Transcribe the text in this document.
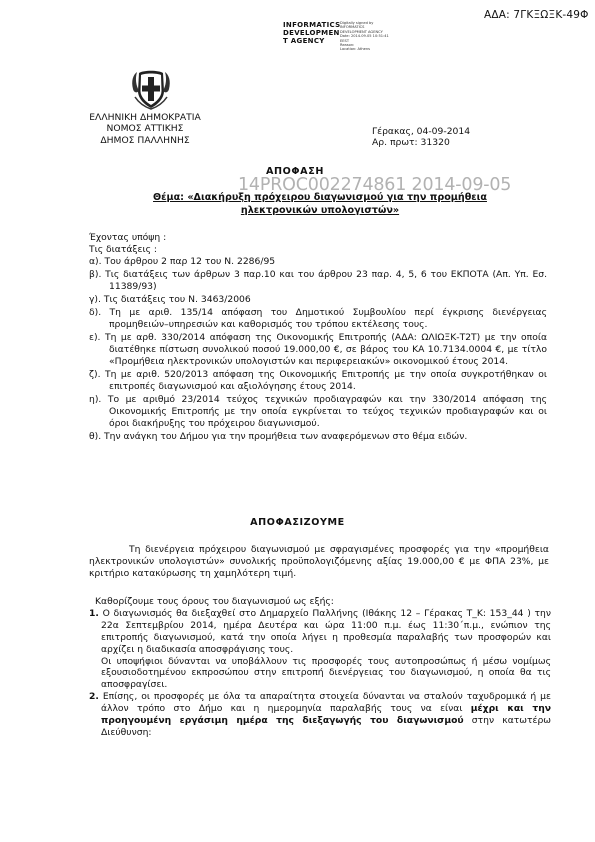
ΑΔΑ: 7ΓΚΞΩΞΚ-49Φ
INFORMATICS
DEVELOPMEN
T AGENCY
Digitally signed by
INFORMATICS
DEVELOPMENT AGENCY
Date: 2014.09.05 10:51:41
EEST
Reason:
Location: Athens
ΕΛΛΗΝΙΚΗ ΔΗΜΟΚΡΑΤΙΑ
ΝΟΜΟΣ ΑΤΤΙΚΗΣ
ΔΗΜΟΣ ΠΑΛΛΗΝΗΣ
Γέρακας, 04-09-2014
Αρ. πρωτ: 31320
ΑΠΟΦΑΣΗ
Θέμα: «Διακήρυξη πρόχειρου διαγωνισμού για την προμήθεια
ηλεκτρονικών υπολογιστών»
14PROC002274861 2014-09-05

Έχοντας υπόψη :

Τις διατάξεις :

α). Του άρθρου 2 παρ 12 του Ν. 2286/95

β). Τις διατάξεις των άρθρων 3 παρ.10 και του άρθρου 23 παρ. 4, 5, 6 του ΕΚΠΟΤΑ (Απ. Υπ. Εσ. 11389/93)

γ). Τις διατάξεις του Ν. 3463/2006

δ). Τη με αριθ. 135/14 απόφαση του Δημοτικού Συμβουλίου περί έγκρισης διενέργειας προμηθειών–υπηρεσιών και καθορισμός του τρόπου εκτέλεσης τους.

ε). Τη με αρθ. 330/2014 απόφαση της Οικονομικής Επιτροπής (ΑΔΑ: ΩΛΙΩΞΚ-Τ2Τ) με την οποία διατέθηκε πίστωση συνολικού ποσού 19.000,00 €, σε βάρος του ΚΑ 10.7134.0004 €, με τίτλο «Προμήθεια ηλεκτρονικών υπολογιστών και περιφερειακών» οικονομικού έτους 2014.

ζ). Τη με αριθ. 520/2013 απόφαση της Οικονομικής Επιτροπής με την οποία συγκροτήθηκαν οι επιτροπές διαγωνισμού και αξιολόγησης έτους 2014.

η). Το με αριθμό 23/2014 τεύχος τεχνικών προδιαγραφών και την 330/2014 απόφαση της Οικονομικής Επιτροπής με την οποία εγκρίνεται το τεύχος τεχνικών προδιαγραφών και οι όροι διακήρυξης του πρόχειρου διαγωνισμού.

θ). Την ανάγκη του Δήμου για την προμήθεια των αναφερόμενων στο θέμα ειδών.

ΑΠΟΦΑΣΙΖΟΥΜΕ

Τη διενέργεια πρόχειρου διαγωνισμού με σφραγισμένες προσφορές για την «προμήθεια ηλεκτρονικών υπολογιστών» συνολικής προϋπολογιζόμενης αξίας 19.000,00 € με ΦΠΑ 23%, με κριτήριο κατακύρωσης τη χαμηλότερη τιμή.

Καθορίζουμε τους όρους του διαγωνισμού ως εξής:

1. Ο διαγωνισμός θα διεξαχθεί στο Δημαρχείο Παλλήνης (Ιθάκης 12 – Γέρακας Τ_Κ: 153_44 ) την 22α Σεπτεμβρίου 2014, ημέρα Δευτέρα και ώρα 11:00 π.μ. έως 11:30΄π.μ., ενώπιον της επιτροπής διαγωνισμού, κατά την οποία λήγει η προθεσμία παραλαβής των προσφορών και αρχίζει η διαδικασία αποσφράγισης τους.

Οι υποψήφιοι δύνανται να υποβάλλουν τις προσφορές τους αυτοπροσώπως ή μέσω νομίμως εξουσιοδοτημένου εκπροσώπου στην επιτροπή διενέργειας του διαγωνισμού, η οποία θα τις αποσφραγίσει.

2. Επίσης, οι προσφορές με όλα τα απαραίτητα στοιχεία δύνανται να σταλούν ταχυδρομικά ή με άλλον τρόπο στο Δήμο και η ημερομηνία παραλαβής τους να είναι μέχρι και την προηγουμένη εργάσιμη ημέρα της διεξαγωγής του διαγωνισμού στην κατωτέρω Διεύθυνση:
